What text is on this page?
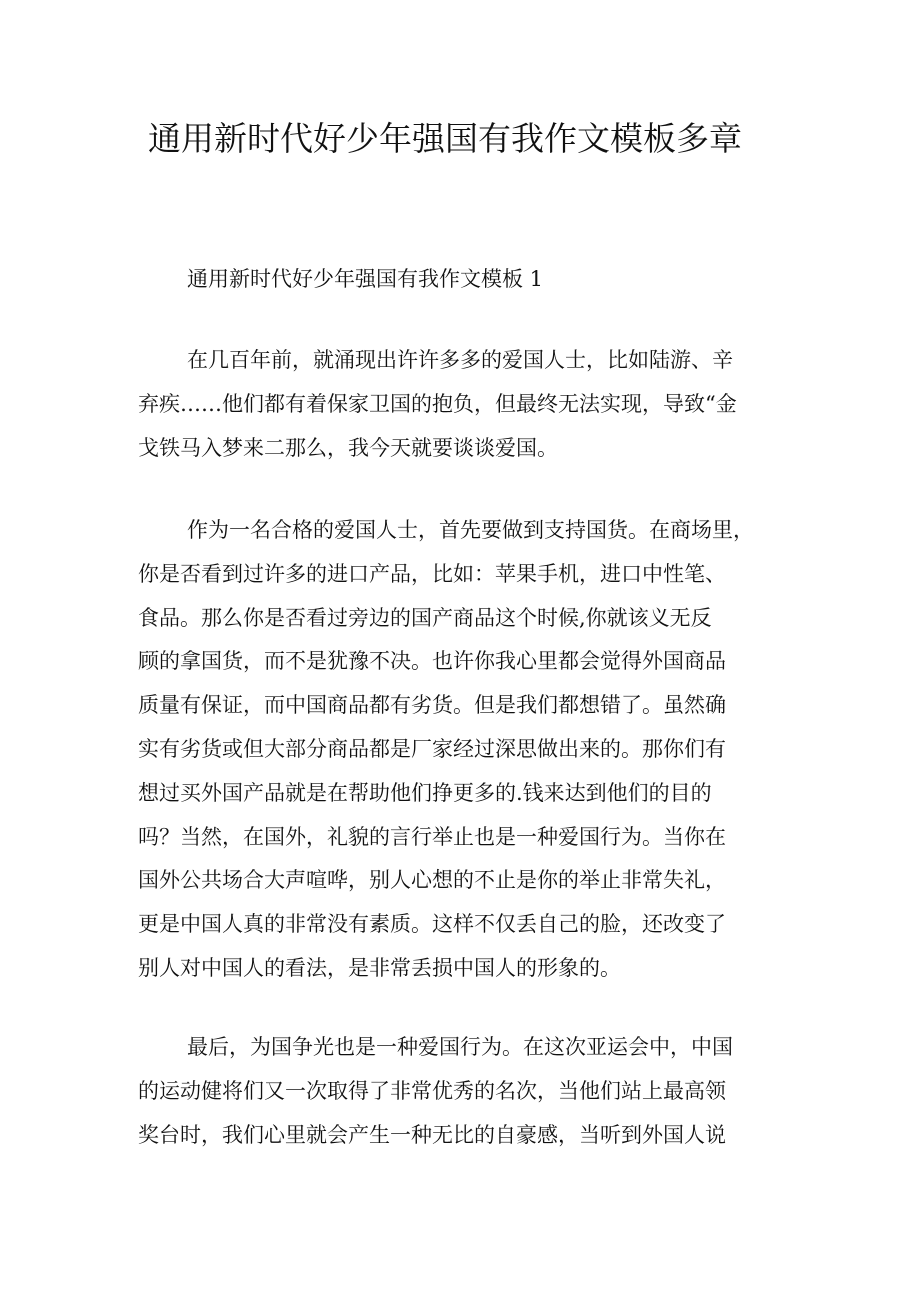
通用新时代好少年强国有我作文模板多章
通用新时代好少年强国有我作文模板 1
在几百年前，就涌现出许许多多的爱国人士，比如陆游、辛
弃疾……他们都有着保家卫国的抱负，但最终无法实现，导致“金
戈铁马入梦来二那么，我今天就要谈谈爱国。
作为一名合格的爱国人士，首先要做到支持国货。在商场里，
你是否看到过许多的进口产品，比如：苹果手机，进口中性笔、
食品。那么你是否看过旁边的国产商品这个时候,你就该义无反
顾的拿国货，而不是犹豫不决。也许你我心里都会觉得外国商品
质量有保证，而中国商品都有劣货。但是我们都想错了。虽然确
实有劣货或但大部分商品都是厂家经过深思做出来的。那你们有
想过买外国产品就是在帮助他们挣更多的.钱来达到他们的目的
吗？当然，在国外，礼貌的言行举止也是一种爱国行为。当你在
国外公共场合大声喧哗，别人心想的不止是你的举止非常失礼，
更是中国人真的非常没有素质。这样不仅丢自己的脸，还改变了
别人对中国人的看法，是非常丢损中国人的形象的。
最后，为国争光也是一种爱国行为。在这次亚运会中，中国
的运动健将们又一次取得了非常优秀的名次，当他们站上最高领
奖台时，我们心里就会产生一种无比的自豪感，当听到外国人说
